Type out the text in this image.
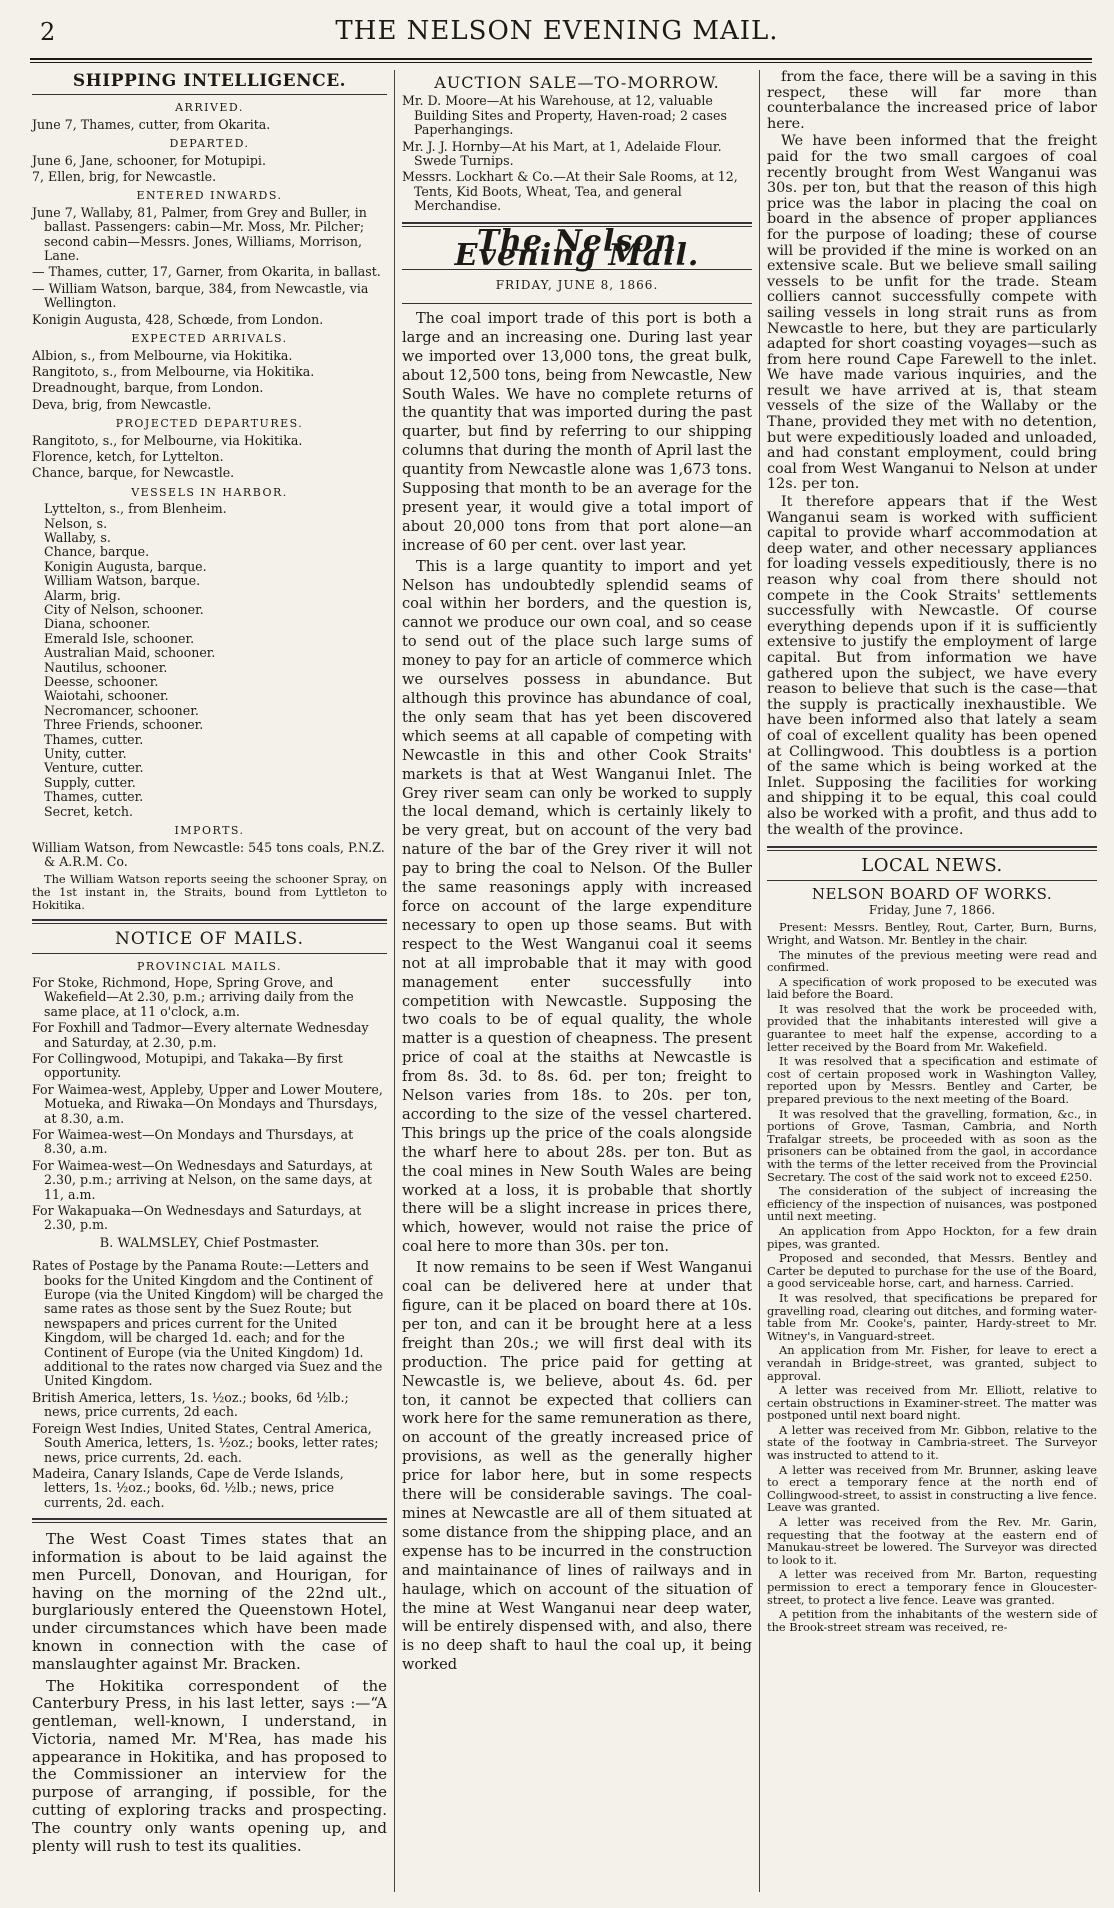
2	THE NELSON EVENING MAIL.
SHIPPING INTELLIGENCE.
ARRIVED.

June 7, Thames, cutter, from Okarita.

DEPARTED.

June 6, Jane, schooner, for Motupipi.

7, Ellen, brig, for Newcastle.

ENTERED INWARDS.

June 7, Wallaby, 81, Palmer, from Grey and Buller, in ballast. Passengers: cabin—Mr. Moss, Mr. Pilcher; second cabin—Messrs. Jones, Williams, Morrison, Lane.

— Thames, cutter, 17, Garner, from Okarita, in ballast.

— William Watson, barque, 384, from Newcastle, via Wellington.

Konigin Augusta, 428, Schœde, from London.

EXPECTED ARRIVALS.

Albion, s., from Melbourne, via Hokitika.

Rangitoto, s., from Melbourne, via Hokitika.

Dreadnought, barque, from London.

Deva, brig, from Newcastle.

PROJECTED DEPARTURES.

Rangitoto, s., for Melbourne, via Hokitika.

Florence, ketch, for Lyttelton.

Chance, barque, for Newcastle.

VESSELS IN HARBOR.

Lyttelton, s., from Blenheim.

Nelson, s.

Wallaby, s.

Chance, barque.

Konigin Augusta, barque.

William Watson, barque.

Alarm, brig.

City of Nelson, schooner.

Diana, schooner.

Emerald Isle, schooner.

Australian Maid, schooner.

Nautilus, schooner.

Deesse, schooner.

Waiotahi, schooner.

Necromancer, schooner.

Three Friends, schooner.

Thames, cutter.

Unity, cutter.

Venture, cutter.

Supply, cutter.

Thames, cutter.

Secret, ketch.

IMPORTS.

William Watson, from Newcastle: 545 tons coals, P.N.Z. & A.R.M. Co.

The William Watson reports seeing the schooner Spray, on the 1st instant in, the Straits, bound from Lyttleton to Hokitika.

NOTICE OF MAILS.
PROVINCIAL MAILS.

For Stoke, Richmond, Hope, Spring Grove, and Wakefield—At 2.30, p.m.; arriving daily from the same place, at 11 o'clock, a.m.

For Foxhill and Tadmor—Every alternate Wednesday and Saturday, at 2.30, p.m.

For Collingwood, Motupipi, and Takaka—By first opportunity.

For Waimea-west, Appleby, Upper and Lower Moutere, Motueka, and Riwaka—On Mondays and Thursdays, at 8.30, a.m.

For Waimea-west—On Mondays and Thursdays, at 8.30, a.m.

For Waimea-west—On Wednesdays and Saturdays, at 2.30, p.m.; arriving at Nelson, on the same days, at 11, a.m.

For Wakapuaka—On Wednesdays and Saturdays, at 2.30, p.m.

B. WALMSLEY, Chief Postmaster.

Rates of Postage by the Panama Route:—Letters and books for the United Kingdom and the Continent of Europe (via the United Kingdom) will be charged the same rates as those sent by the Suez Route; but newspapers and prices current for the United Kingdom, will be charged 1d. each; and for the Continent of Europe (via the United Kingdom) 1d. additional to the rates now charged via Suez and the United Kingdom.

British America, letters, 1s. ½oz.; books, 6d ½lb.; news, price currents, 2d each.

Foreign West Indies, United States, Central America, South America, letters, 1s. ½oz.; books, letter rates; news, price currents, 2d. each.

Madeira, Canary Islands, Cape de Verde Islands, letters, 1s. ½oz.; books, 6d. ½lb.; news, price currents, 2d. each.

The West Coast Times states that an information is about to be laid against the men Purcell, Donovan, and Hourigan, for having on the morning of the 22nd ult., burglariously entered the Queenstown Hotel, under circumstances which have been made known in connection with the case of manslaughter against Mr. Bracken.

The Hokitika correspondent of the Canterbury Press, in his last letter, says :—“A gentleman, well-known, I understand, in Victoria, named Mr. M'Rea, has made his appearance in Hokitika, and has proposed to the Commissioner an interview for the purpose of arranging, if possible, for the cutting of exploring tracks and prospecting. The country only wants opening up, and plenty will rush to test its qualities.

AUCTION SALE—TO-MORROW.

Mr. D. Moore—At his Warehouse, at 12, valuable Building Sites and Property, Haven-road; 2 cases Paperhangings.

Mr. J. J. Hornby—At his Mart, at 1, Adelaide Flour. Swede Turnips.

Messrs. Lockhart & Co.—At their Sale Rooms, at 12, Tents, Kid Boots, Wheat, Tea, and general Merchandise.

The Nelson Evening Mail.
FRIDAY, JUNE 8, 1866.

The coal import trade of this port is both a large and an increasing one. During last year we imported over 13,000 tons, the great bulk, about 12,500 tons, being from Newcastle, New South Wales. We have no complete returns of the quantity that was imported during the past quarter, but find by referring to our shipping columns that during the month of April last the quantity from Newcastle alone was 1,673 tons. Supposing that month to be an average for the present year, it would give a total import of about 20,000 tons from that port alone—an increase of 60 per cent. over last year.

This is a large quantity to import and yet Nelson has undoubtedly splendid seams of coal within her borders, and the question is, cannot we produce our own coal, and so cease to send out of the place such large sums of money to pay for an article of commerce which we ourselves possess in abundance. But although this province has abundance of coal, the only seam that has yet been discovered which seems at all capable of competing with Newcastle in this and other Cook Straits' markets is that at West Wanganui Inlet. The Grey river seam can only be worked to supply the local demand, which is certainly likely to be very great, but on account of the very bad nature of the bar of the Grey river it will not pay to bring the coal to Nelson. Of the Buller the same reasonings apply with increased force on account of the large expenditure necessary to open up those seams. But with respect to the West Wanganui coal it seems not at all improbable that it may with good management enter successfully into competition with Newcastle. Supposing the two coals to be of equal quality, the whole matter is a question of cheapness. The present price of coal at the staiths at Newcastle is from 8s. 3d. to 8s. 6d. per ton; freight to Nelson varies from 18s. to 20s. per ton, according to the size of the vessel chartered. This brings up the price of the coals alongside the wharf here to about 28s. per ton. But as the coal mines in New South Wales are being worked at a loss, it is probable that shortly there will be a slight increase in prices there, which, however, would not raise the price of coal here to more than 30s. per ton.

It now remains to be seen if West Wanganui coal can be delivered here at under that figure, can it be placed on board there at 10s. per ton, and can it be brought here at a less freight than 20s.; we will first deal with its production. The price paid for getting at Newcastle is, we believe, about 4s. 6d. per ton, it cannot be expected that colliers can work here for the same remuneration as there, on account of the greatly increased price of provisions, as well as the generally higher price for labor here, but in some respects there will be considerable savings. The coal-mines at Newcastle are all of them situated at some distance from the shipping place, and an expense has to be incurred in the construction and maintainance of lines of railways and in haulage, which on account of the situation of the mine at West Wanganui near deep water, will be entirely dispensed with, and also, there is no deep shaft to haul the coal up, it being worked

from the face, there will be a saving in this respect, these will far more than counterbalance the increased price of labor here.

We have been informed that the freight paid for the two small cargoes of coal recently brought from West Wanganui was 30s. per ton, but that the reason of this high price was the labor in placing the coal on board in the absence of proper appliances for the purpose of loading; these of course will be provided if the mine is worked on an extensive scale. But we believe small sailing vessels to be unfit for the trade. Steam colliers cannot successfully compete with sailing vessels in long strait runs as from Newcastle to here, but they are particularly adapted for short coasting voyages—such as from here round Cape Farewell to the inlet. We have made various inquiries, and the result we have arrived at is, that steam vessels of the size of the Wallaby or the Thane, provided they met with no detention, but were expeditiously loaded and unloaded, and had constant employment, could bring coal from West Wanganui to Nelson at under 12s. per ton.

It therefore appears that if the West Wanganui seam is worked with sufficient capital to provide wharf accommodation at deep water, and other necessary appliances for loading vessels expeditiously, there is no reason why coal from there should not compete in the Cook Straits' settlements successfully with Newcastle. Of course everything depends upon if it is sufficiently extensive to justify the employment of large capital. But from information we have gathered upon the subject, we have every reason to believe that such is the case—that the supply is practically inexhaustible. We have been informed also that lately a seam of coal of excellent quality has been opened at Collingwood. This doubtless is a portion of the same which is being worked at the Inlet. Supposing the facilities for working and shipping it to be equal, this coal could also be worked with a profit, and thus add to the wealth of the province.

LOCAL NEWS.
NELSON BOARD OF WORKS.
Friday, June 7, 1866.

Present: Messrs. Bentley, Rout, Carter, Burn, Burns, Wright, and Watson. Mr. Bentley in the chair.

The minutes of the previous meeting were read and confirmed.

A specification of work proposed to be executed was laid before the Board.

It was resolved that the work be proceeded with, provided that the inhabitants interested will give a guarantee to meet half the expense, according to a letter received by the Board from Mr. Wakefield.

It was resolved that a specification and estimate of cost of certain proposed work in Washington Valley, reported upon by Messrs. Bentley and Carter, be prepared previous to the next meeting of the Board.

It was resolved that the gravelling, formation, &c., in portions of Grove, Tasman, Cambria, and North Trafalgar streets, be proceeded with as soon as the prisoners can be obtained from the gaol, in accordance with the terms of the letter received from the Provincial Secretary. The cost of the said work not to exceed £250.

The consideration of the subject of increasing the efficiency of the inspection of nuisances, was postponed until next meeting.

An application from Appo Hockton, for a few drain pipes, was granted.

Proposed and seconded, that Messrs. Bentley and Carter be deputed to purchase for the use of the Board, a good serviceable horse, cart, and harness. Carried.

It was resolved, that specifications be prepared for gravelling road, clearing out ditches, and forming water-table from Mr. Cooke's, painter, Hardy-street to Mr. Witney's, in Vanguard-street.

An application from Mr. Fisher, for leave to erect a verandah in Bridge-street, was granted, subject to approval.

A letter was received from Mr. Elliott, relative to certain obstructions in Examiner-street. The matter was postponed until next board night.

A letter was received from Mr. Gibbon, relative to the state of the footway in Cambria-street. The Surveyor was instructed to attend to it.

A letter was received from Mr. Brunner, asking leave to erect a temporary fence at the north end of Collingwood-street, to assist in constructing a live fence. Leave was granted.

A letter was received from the Rev. Mr. Garin, requesting that the footway at the eastern end of Manukau-street be lowered. The Surveyor was directed to look to it.

A letter was received from Mr. Barton, requesting permission to erect a temporary fence in Gloucester-street, to protect a live fence. Leave was granted.

A petition from the inhabitants of the western side of the Brook-street stream was received, re-
